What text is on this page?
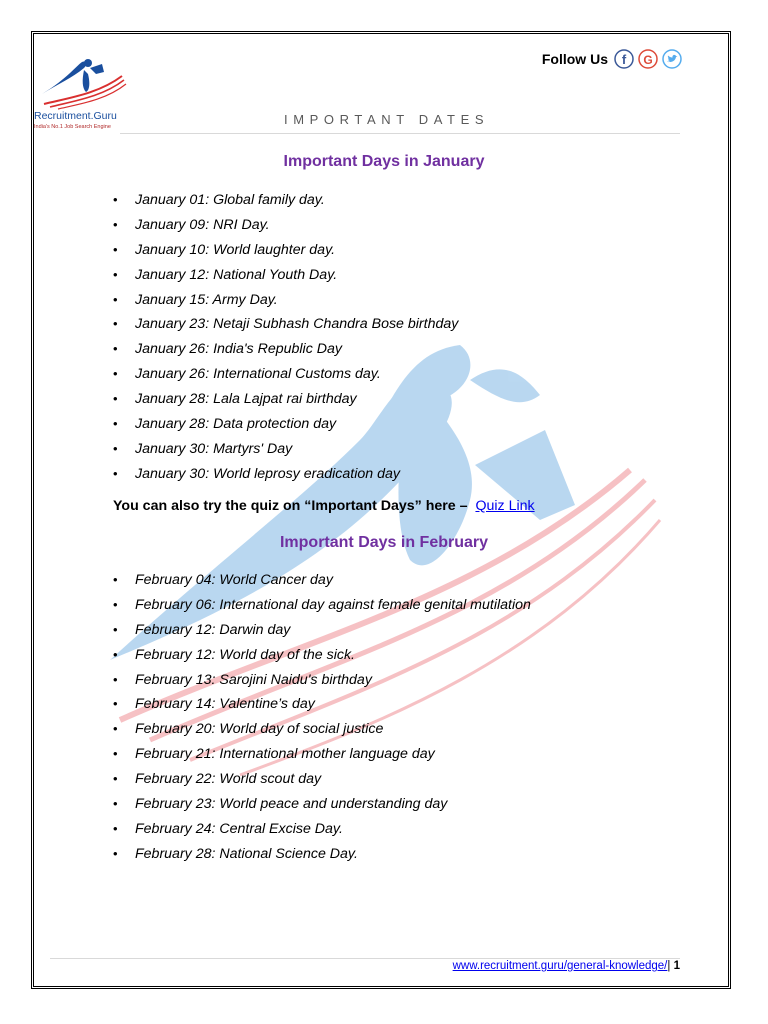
Recruitment.Guru
India's No.1 Job Search Engine
Follow Us f G
IMPORTANT DATES
Important Days in January
• January 01: Global family day.
• January 09: NRI Day.
• January 10: World laughter day.
• January 12: National Youth Day.
• January 15: Army Day.
• January 23: Netaji Subhash Chandra Bose birthday
• January 26: India's Republic Day
• January 26: International Customs day.
• January 28: Lala Lajpat rai birthday
• January 28: Data protection day
• January 30: Martyrs' Day
• January 30: World leprosy eradication day
You can also try the quiz on “Important Days” here – Quiz Link
Important Days in February
• February 04: World Cancer day
• February 06: International day against female genital mutilation
• February 12: Darwin day
• February 12: World day of the sick.
• February 13: Sarojini Naidu's birthday
• February 14: Valentine’s day
• February 20: World day of social justice
• February 21: International mother language day
• February 22: World scout day
• February 23: World peace and understanding day
• February 24: Central Excise Day.
• February 28: National Science Day.
www.recruitment.guru/general-knowledge/| 1
